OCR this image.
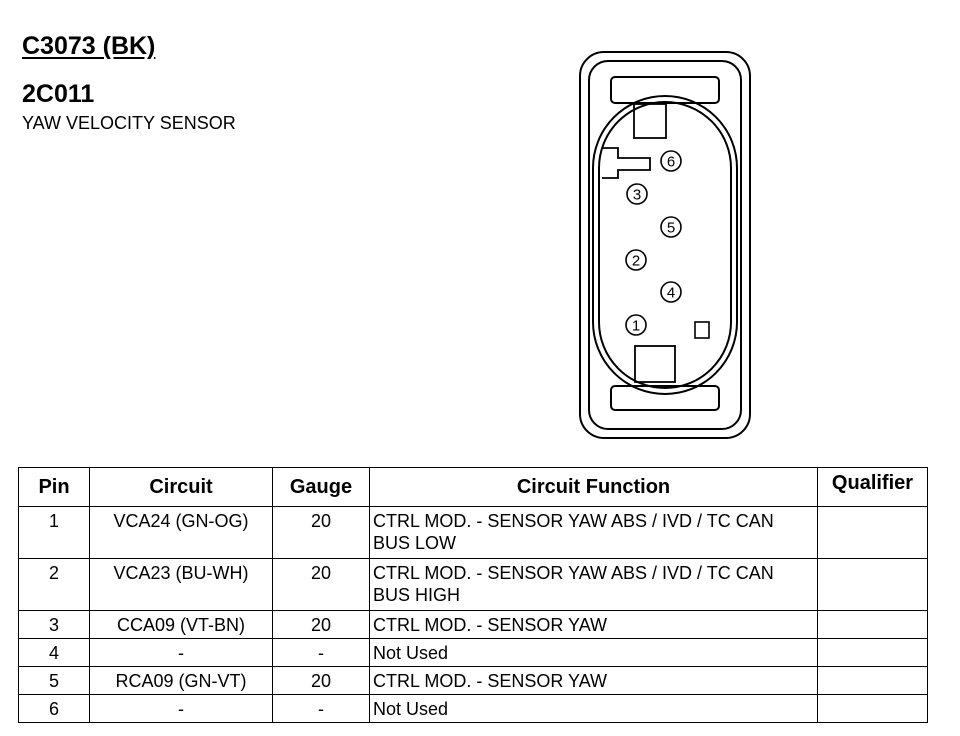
C3073 (BK)
2C011
YAW VELOCITY SENSOR
6
3
5
2
4
1
Pin	Circuit	Gauge	Circuit Function	Qualifier
1	VCA24 (GN-OG)	20	CTRL MOD. - SENSOR YAW ABS / IVD / TC CAN BUS LOW	
2	VCA23 (BU-WH)	20	CTRL MOD. - SENSOR YAW ABS / IVD / TC CAN BUS HIGH	
3	CCA09 (VT-BN)	20	CTRL MOD. - SENSOR YAW	
4	-	-	Not Used	
5	RCA09 (GN-VT)	20	CTRL MOD. - SENSOR YAW	
6	-	-	Not Used	
